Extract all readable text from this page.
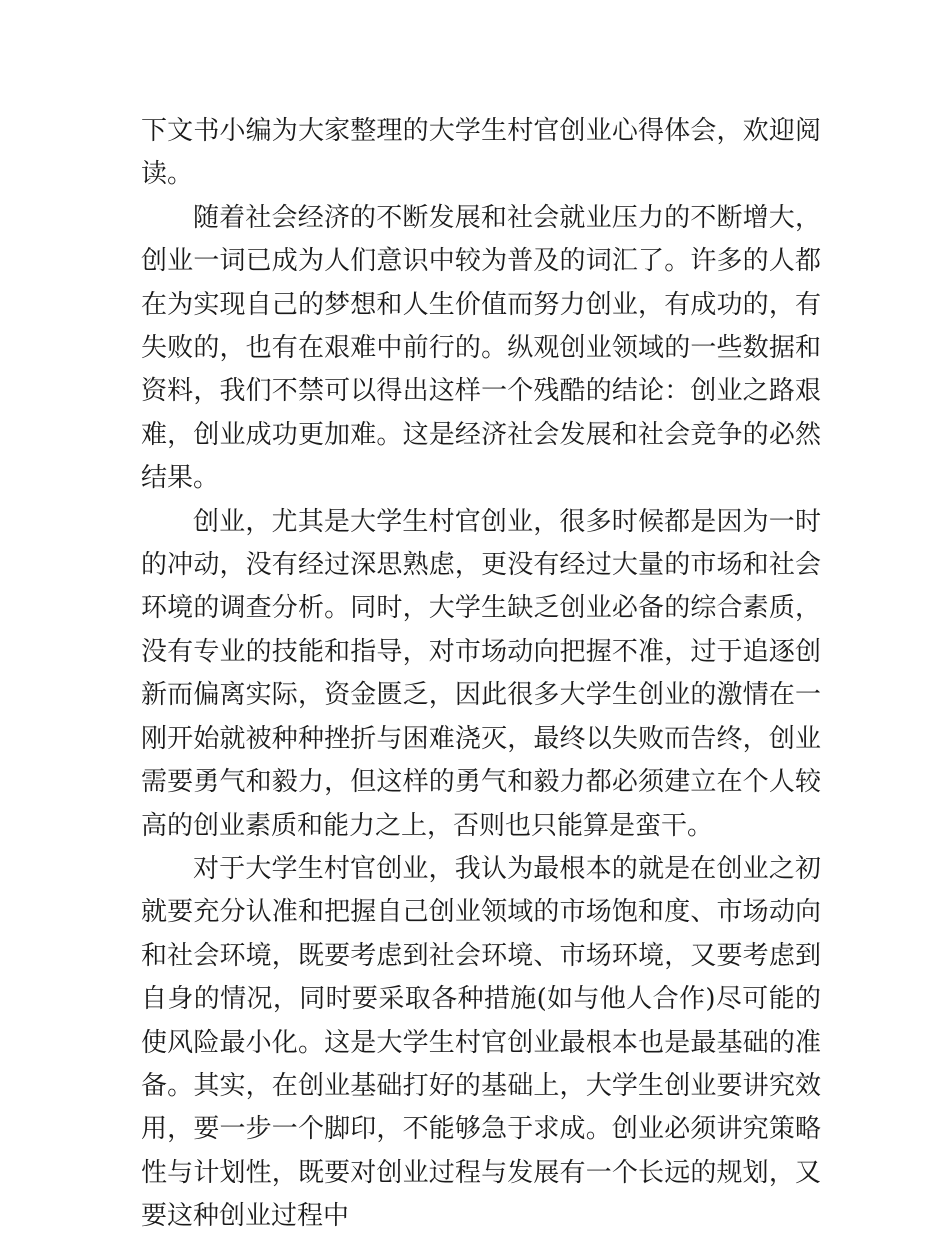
下文书小编为大家整理的大学生村官创业心得体会，欢迎阅读。

随着社会经济的不断发展和社会就业压力的不断增大，创业一词已成为人们意识中较为普及的词汇了。许多的人都在为实现自己的梦想和人生价值而努力创业，有成功的，有失败的，也有在艰难中前行的。纵观创业领域的一些数据和资料，我们不禁可以得出这样一个残酷的结论：创业之路艰难，创业成功更加难。这是经济社会发展和社会竞争的必然结果。

创业，尤其是大学生村官创业，很多时候都是因为一时的冲动，没有经过深思熟虑，更没有经过大量的市场和社会环境的调查分析。同时，大学生缺乏创业必备的综合素质，没有专业的技能和指导，对市场动向把握不准，过于追逐创新而偏离实际，资金匮乏，因此很多大学生创业的激情在一刚开始就被种种挫折与困难浇灭，最终以失败而告终，创业需要勇气和毅力，但这样的勇气和毅力都必须建立在个人较高的创业素质和能力之上，否则也只能算是蛮干。

对于大学生村官创业，我认为最根本的就是在创业之初就要充分认准和把握自己创业领域的市场饱和度、市场动向和社会环境，既要考虑到社会环境、市场环境，又要考虑到自身的情况，同时要采取各种措施(如与他人合作)尽可能的使风险最小化。这是大学生村官创业最根本也是最基础的准备。其实，在创业基础打好的基础上，大学生创业要讲究效用，要一步一个脚印，不能够急于求成。创业必须讲究策略性与计划性，既要对创业过程与发展有一个长远的规划，又要这种创业过程中
